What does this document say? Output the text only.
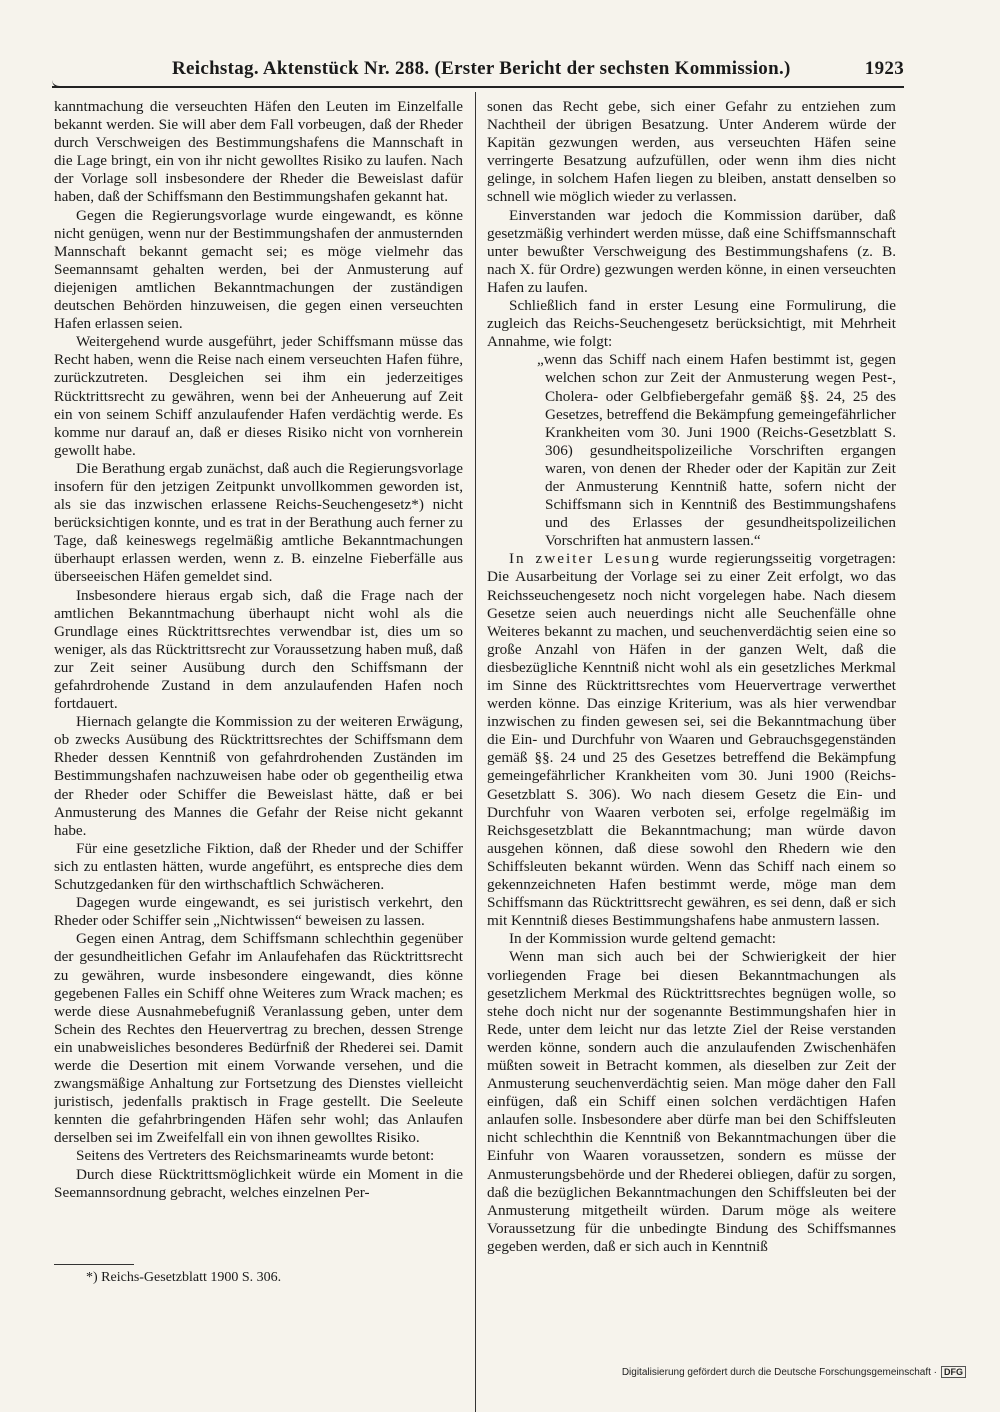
Reichstag. Aktenstück Nr. 288. (Erster Bericht der sechsten Kommission.)	1923

kanntmachung die verseuchten Häfen den Leuten im Einzelfalle bekannt werden. Sie will aber dem Fall vorbeugen, daß der Rheder durch Verschweigen des Bestimmungshafens die Mannschaft in die Lage bringt, ein von ihr nicht gewolltes Risiko zu laufen. Nach der Vorlage soll insbesondere der Rheder die Beweislast dafür haben, daß der Schiffsmann den Bestimmungshafen gekannt hat.

Gegen die Regierungsvorlage wurde eingewandt, es könne nicht genügen, wenn nur der Bestimmungshafen der anmusternden Mannschaft bekannt gemacht sei; es möge vielmehr das Seemannsamt gehalten werden, bei der Anmusterung auf diejenigen amtlichen Bekanntmachungen der zuständigen deutschen Behörden hinzuweisen, die gegen einen verseuchten Hafen erlassen seien.

Weitergehend wurde ausgeführt, jeder Schiffsmann müsse das Recht haben, wenn die Reise nach einem verseuchten Hafen führe, zurückzutreten. Desgleichen sei ihm ein jederzeitiges Rücktrittsrecht zu gewähren, wenn bei der Anheuerung auf Zeit ein von seinem Schiff anzulaufender Hafen verdächtig werde. Es komme nur darauf an, daß er dieses Risiko nicht von vornherein gewollt habe.

Die Berathung ergab zunächst, daß auch die Regierungsvorlage insofern für den jetzigen Zeitpunkt unvollkommen geworden ist, als sie das inzwischen erlassene Reichs-Seuchengesetz*) nicht berücksichtigen konnte, und es trat in der Berathung auch ferner zu Tage, daß keineswegs regelmäßig amtliche Bekanntmachungen überhaupt erlassen werden, wenn z. B. einzelne Fieberfälle aus überseeischen Häfen gemeldet sind.

Insbesondere hieraus ergab sich, daß die Frage nach der amtlichen Bekanntmachung überhaupt nicht wohl als die Grundlage eines Rücktrittsrechtes verwendbar ist, dies um so weniger, als das Rücktrittsrecht zur Voraussetzung haben muß, daß zur Zeit seiner Ausübung durch den Schiffsmann der gefahrdrohende Zustand in dem anzulaufenden Hafen noch fortdauert.

Hiernach gelangte die Kommission zu der weiteren Erwägung, ob zwecks Ausübung des Rücktrittsrechtes der Schiffsmann dem Rheder dessen Kenntniß von gefahrdrohenden Zuständen im Bestimmungshafen nachzuweisen habe oder ob gegentheilig etwa der Rheder oder Schiffer die Beweislast hätte, daß er bei Anmusterung des Mannes die Gefahr der Reise nicht gekannt habe.

Für eine gesetzliche Fiktion, daß der Rheder und der Schiffer sich zu entlasten hätten, wurde angeführt, es entspreche dies dem Schutzgedanken für den wirthschaftlich Schwächeren.

Dagegen wurde eingewandt, es sei juristisch verkehrt, den Rheder oder Schiffer sein „Nichtwissen“ beweisen zu lassen.

Gegen einen Antrag, dem Schiffsmann schlechthin gegenüber der gesundheitlichen Gefahr im Anlaufehafen das Rücktrittsrecht zu gewähren, wurde insbesondere eingewandt, dies könne gegebenen Falles ein Schiff ohne Weiteres zum Wrack machen; es werde diese Ausnahmebefugniß Veranlassung geben, unter dem Schein des Rechtes den Heuervertrag zu brechen, dessen Strenge ein unabweisliches besonderes Bedürfniß der Rhederei sei. Damit werde die Desertion mit einem Vorwande versehen, und die zwangsmäßige Anhaltung zur Fortsetzung des Dienstes vielleicht juristisch, jedenfalls praktisch in Frage gestellt. Die Seeleute kennten die gefahrbringenden Häfen sehr wohl; das Anlaufen derselben sei im Zweifelfall ein von ihnen gewolltes Risiko.

Seitens des Vertreters des Reichsmarineamts wurde betont:

Durch diese Rücktrittsmöglichkeit würde ein Moment in die Seemannsordnung gebracht, welches einzelnen Per-

sonen das Recht gebe, sich einer Gefahr zu entziehen zum Nachtheil der übrigen Besatzung. Unter Anderem würde der Kapitän gezwungen werden, aus verseuchten Häfen seine verringerte Besatzung aufzufüllen, oder wenn ihm dies nicht gelinge, in solchem Hafen liegen zu bleiben, anstatt denselben so schnell wie möglich wieder zu verlassen.

Einverstanden war jedoch die Kommission darüber, daß gesetzmäßig verhindert werden müsse, daß eine Schiffsmannschaft unter bewußter Verschweigung des Bestimmungshafens (z. B. nach X. für Ordre) gezwungen werden könne, in einen verseuchten Hafen zu laufen.

Schließlich fand in erster Lesung eine Formulirung, die zugleich das Reichs-Seuchengesetz berücksichtigt, mit Mehrheit Annahme, wie folgt:

„wenn das Schiff nach einem Hafen bestimmt ist, gegen welchen schon zur Zeit der Anmusterung wegen Pest-, Cholera- oder Gelbfiebergefahr gemäß §§. 24, 25 des Gesetzes, betreffend die Bekämpfung gemeingefährlicher Krankheiten vom 30. Juni 1900 (Reichs-Gesetzblatt S. 306) gesundheitspolizeiliche Vorschriften ergangen waren, von denen der Rheder oder der Kapitän zur Zeit der Anmusterung Kenntniß hatte, sofern nicht der Schiffsmann sich in Kenntniß des Bestimmungshafens und des Erlasses der gesundheitspolizeilichen Vorschriften hat anmustern lassen.“

In zweiter Lesung wurde regierungsseitig vorgetragen: Die Ausarbeitung der Vorlage sei zu einer Zeit erfolgt, wo das Reichsseuchengesetz noch nicht vorgelegen habe. Nach diesem Gesetze seien auch neuerdings nicht alle Seuchenfälle ohne Weiteres bekannt zu machen, und seuchenverdächtig seien eine so große Anzahl von Häfen in der ganzen Welt, daß die diesbezügliche Kenntniß nicht wohl als ein gesetzliches Merkmal im Sinne des Rücktrittsrechtes vom Heuervertrage verwerthet werden könne. Das einzige Kriterium, was als hier verwendbar inzwischen zu finden gewesen sei, sei die Bekanntmachung über die Ein- und Durchfuhr von Waaren und Gebrauchsgegenständen gemäß §§. 24 und 25 des Gesetzes betreffend die Bekämpfung gemeingefährlicher Krankheiten vom 30. Juni 1900 (Reichs-Gesetzblatt S. 306). Wo nach diesem Gesetz die Ein- und Durchfuhr von Waaren verboten sei, erfolge regelmäßig im Reichsgesetzblatt die Bekanntmachung; man würde davon ausgehen können, daß diese sowohl den Rhedern wie den Schiffsleuten bekannt würden. Wenn das Schiff nach einem so gekennzeichneten Hafen bestimmt werde, möge man dem Schiffsmann das Rücktrittsrecht gewähren, es sei denn, daß er sich mit Kenntniß dieses Bestimmungshafens habe anmustern lassen.

In der Kommission wurde geltend gemacht:

Wenn man sich auch bei der Schwierigkeit der hier vorliegenden Frage bei diesen Bekanntmachungen als gesetzlichem Merkmal des Rücktrittsrechtes begnügen wolle, so stehe doch nicht nur der sogenannte Bestimmungshafen hier in Rede, unter dem leicht nur das letzte Ziel der Reise verstanden werden könne, sondern auch die anzulaufenden Zwischenhäfen müßten soweit in Betracht kommen, als dieselben zur Zeit der Anmusterung seuchenverdächtig seien. Man möge daher den Fall einfügen, daß ein Schiff einen solchen verdächtigen Hafen anlaufen solle. Insbesondere aber dürfe man bei den Schiffsleuten nicht schlechthin die Kenntniß von Bekanntmachungen über die Einfuhr von Waaren voraussetzen, sondern es müsse der Anmusterungsbehörde und der Rhederei obliegen, dafür zu sorgen, daß die bezüglichen Bekanntmachungen den Schiffsleuten bei der Anmusterung mitgetheilt würden. Darum möge als weitere Voraussetzung für die unbedingte Bindung des Schiffsmannes gegeben werden, daß er sich auch in Kenntniß

*) Reichs-Gesetzblatt 1900 S. 306.
Digitalisierung gefördert durch die Deutsche Forschungsgemeinschaft · DFG
